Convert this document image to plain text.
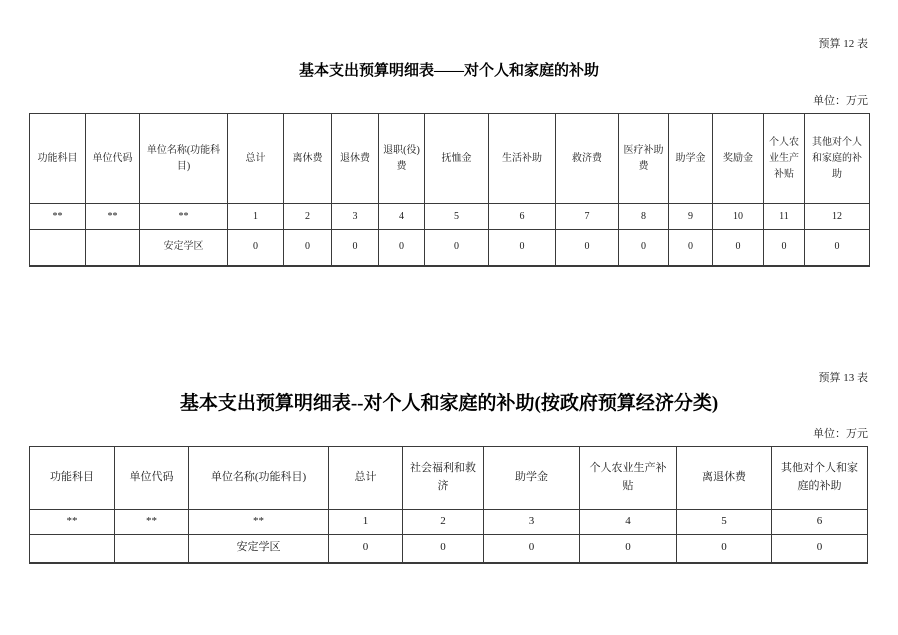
预算 12 表
基本支出预算明细表——对个人和家庭的补助
单位：万元
功能科目	单位代码	单位名称(功能科目)	总计	离休费	退休费	退职(役)费	抚恤金	生活补助	救济费	医疗补助费	助学金	奖励金	个人农业生产补贴	其他对个人和家庭的补助
**	**	**	1	2	3	4	5	6	7	8	9	10	11	12
		安定学区	0	0	0	0	0	0	0	0	0	0	0	0
预算 13 表
基本支出预算明细表--对个人和家庭的补助(按政府预算经济分类)
单位：万元
功能科目	单位代码	单位名称(功能科目)	总计	社会福利和救济	助学金	个人农业生产补贴	离退休费	其他对个人和家庭的补助
**	**	**	1	2	3	4	5	6
		安定学区	0	0	0	0	0	0
